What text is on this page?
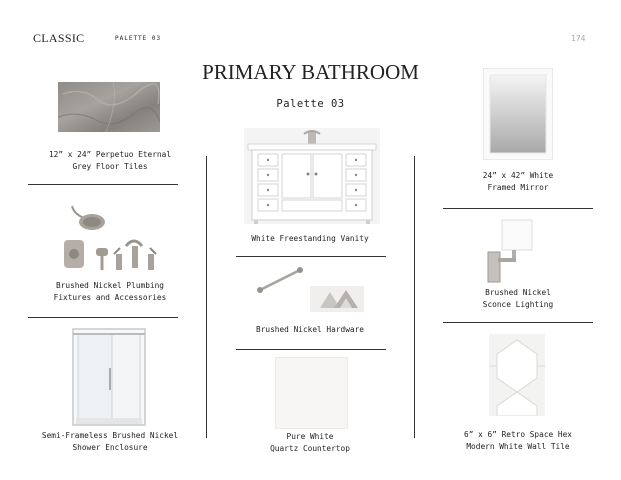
CLASSIC	PALETTE 03	174
PRIMARY BATHROOM
Palette 03
12” x 24” Perpetuo Eternal
Grey Floor Tiles
Brushed Nickel Plumbing
Fixtures and Accessories
Semi-Frameless Brushed Nickel
Shower Enclosure
White Freestanding Vanity
Brushed Nickel Hardware
Pure White
Quartz Countertop
24” x 42” White
Framed Mirror
Brushed Nickel
Sconce Lighting
6” x 6” Retro Space Hex
Modern White Wall Tile
